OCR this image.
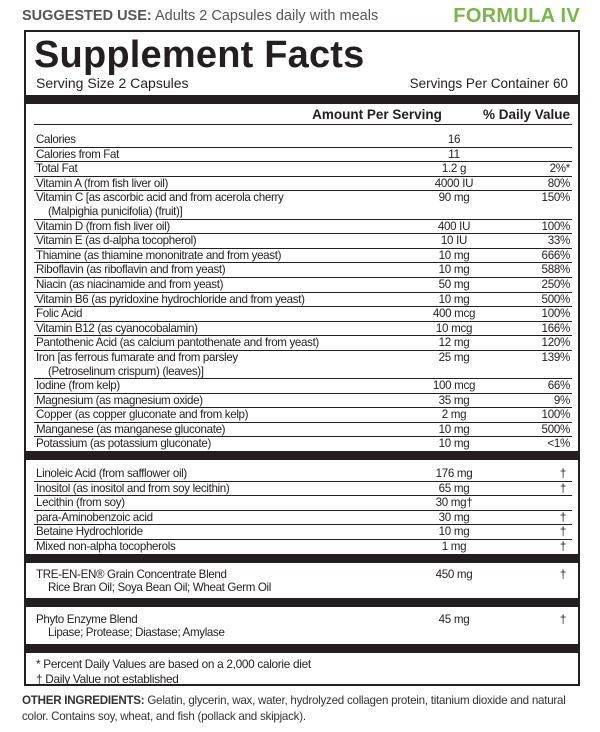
SUGGESTED USE: Adults 2 Capsules daily with meals	FORMULA IV
Supplement Facts
Serving Size 2 Capsules	Servings Per Container 60
Amount Per Serving	% Daily Value
Calories	16
Calories from Fat	11
Total Fat	1.2 g	2%*
Vitamin A (from fish liver oil)	4000 IU	80%
Vitamin C [as ascorbic acid and from acerola cherry
(Malpighia punicifolia) (fruit)]
90 mg	150%
Vitamin D (from fish liver oil)	400 IU	100%
Vitamin E (as d-alpha tocopherol)	10 IU	33%
Thiamine (as thiamine mononitrate and from yeast)	10 mg	666%
Riboflavin (as riboflavin and from yeast)	10 mg	588%
Niacin (as niacinamide and from yeast)	50 mg	250%
Vitamin B6 (as pyridoxine hydrochloride and from yeast)	10 mg	500%
Folic Acid	400 mcg	100%
Vitamin B12 (as cyanocobalamin)	10 mcg	166%
Pantothenic Acid (as calcium pantothenate and from yeast)	12 mg	120%
Iron [as ferrous fumarate and from parsley
(Petroselinum crispum) (leaves)]
25 mg	139%
Iodine (from kelp)	100 mcg	66%
Magnesium (as magnesium oxide)	35 mg	9%
Copper (as copper gluconate and from kelp)	2 mg	100%
Manganese (as manganese gluconate)	10 mg	500%
Potassium (as potassium gluconate)	10 mg	<1%
Linoleic Acid (from safflower oil)	176 mg	†
Inositol (as inositol and from soy lecithin)	65 mg	†
Lecithin (from soy)	30 mg†
para-Aminobenzoic acid	30 mg	†
Betaine Hydrochloride	10 mg	†
Mixed non-alpha tocopherols	1 mg	†
TRE-EN-EN® Grain Concentrate Blend
Rice Bran Oil; Soya Bean Oil; Wheat Germ Oil
450 mg	†
Phyto Enzyme Blend
Lipase; Protease; Diastase; Amylase
45 mg	†
* Percent Daily Values are based on a 2,000 calorie diet
† Daily Value not established
OTHER INGREDIENTS: Gelatin, glycerin, wax, water, hydrolyzed collagen protein, titanium dioxide and natural color. Contains soy, wheat, and fish (pollack and skipjack).
